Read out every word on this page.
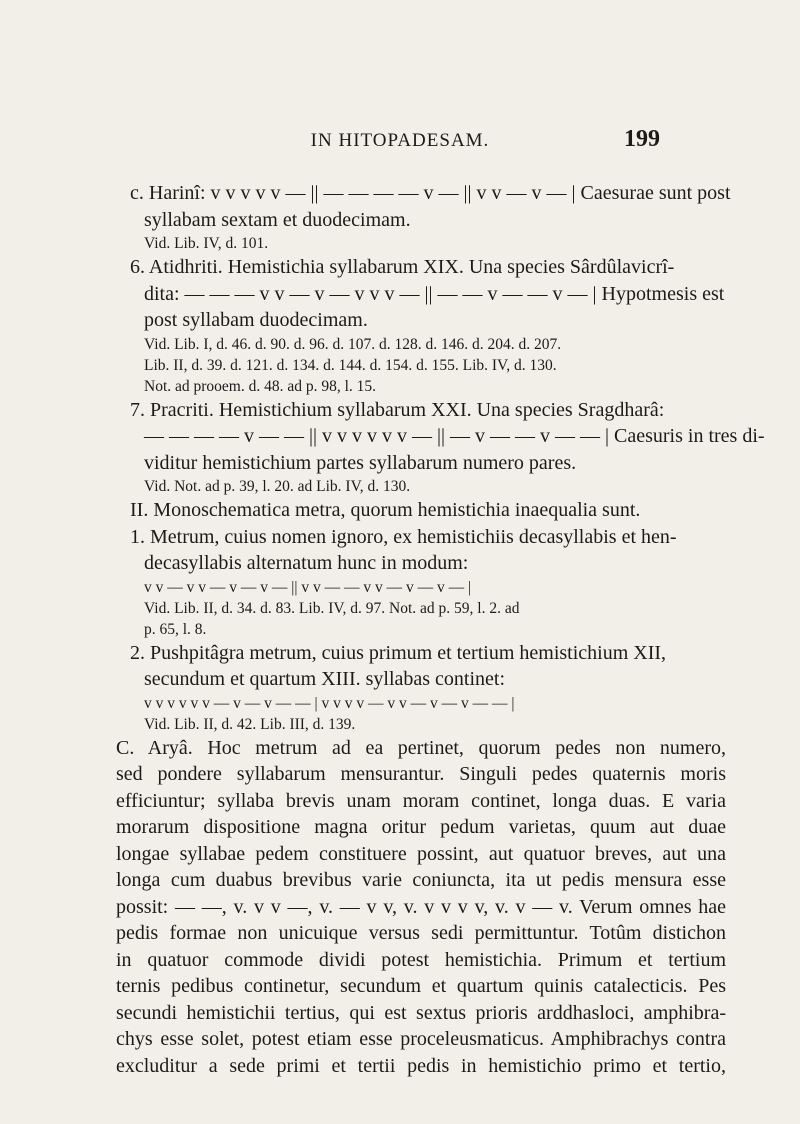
IN HITOPADESAM.	199
c. Harinî: v v v v v — || — — — — v — || v v — v — | Caesurae sunt post
syllabam sextam et duodecimam.
Vid. Lib. IV, d. 101.
6. Atidhriti. Hemistichia syllabarum XIX. Una species Sârdûlavicrî-
dita: — — — v v — v — v v v — || — — v — — v — | Hypotmesis est
post syllabam duodecimam.
Vid. Lib. I, d. 46. d. 90. d. 96. d. 107. d. 128. d. 146. d. 204. d. 207.
Lib. II, d. 39. d. 121. d. 134. d. 144. d. 154. d. 155. Lib. IV, d. 130.
Not. ad prooem. d. 48. ad p. 98, l. 15.
7. Pracriti. Hemistichium syllabarum XXI. Una species Sragdharâ:
— — — — v — — || v v v v v v — || — v — — v — — | Caesuris in tres di-
viditur hemistichium partes syllabarum numero pares.
Vid. Not. ad p. 39, l. 20. ad Lib. IV, d. 130.
II. Monoschematica metra, quorum hemistichia inaequalia sunt.
1. Metrum, cuius nomen ignoro, ex hemistichiis decasyllabis et hen-
decasyllabis alternatum hunc in modum:
v v — v v — v — v — || v v — — v v — v — v — |
Vid. Lib. II, d. 34. d. 83. Lib. IV, d. 97. Not. ad p. 59, l. 2. ad
p. 65, l. 8.
2. Pushpitâgra metrum, cuius primum et tertium hemistichium XII,
secundum et quartum XIII. syllabas continet:
v v v v v v — v — v — — | v v v v — v v — v — v — — |
Vid. Lib. II, d. 42. Lib. III, d. 139.
C. Aryâ. Hoc metrum ad ea pertinet, quorum pedes non numero,
sed pondere syllabarum mensurantur. Singuli pedes quaternis moris
efficiuntur; syllaba brevis unam moram continet, longa duas. E varia
morarum dispositione magna oritur pedum varietas, quum aut duae
longae syllabae pedem constituere possint, aut quatuor breves, aut una
longa cum duabus brevibus varie coniuncta, ita ut pedis mensura esse
possit: — —, v. v v —, v. — v v, v. v v v v, v. v — v. Verum omnes hae
pedis formae non unicuique versus sedi permittuntur. Totûm distichon
in quatuor commode dividi potest hemistichia. Primum et tertium
ternis pedibus continetur, secundum et quartum quinis catalecticis. Pes
secundi hemistichii tertius, qui est sextus prioris arddhasloci, amphibra-
chys esse solet, potest etiam esse proceleusmaticus. Amphibrachys contra
excluditur a sede primi et tertii pedis in hemistichio primo et tertio,
